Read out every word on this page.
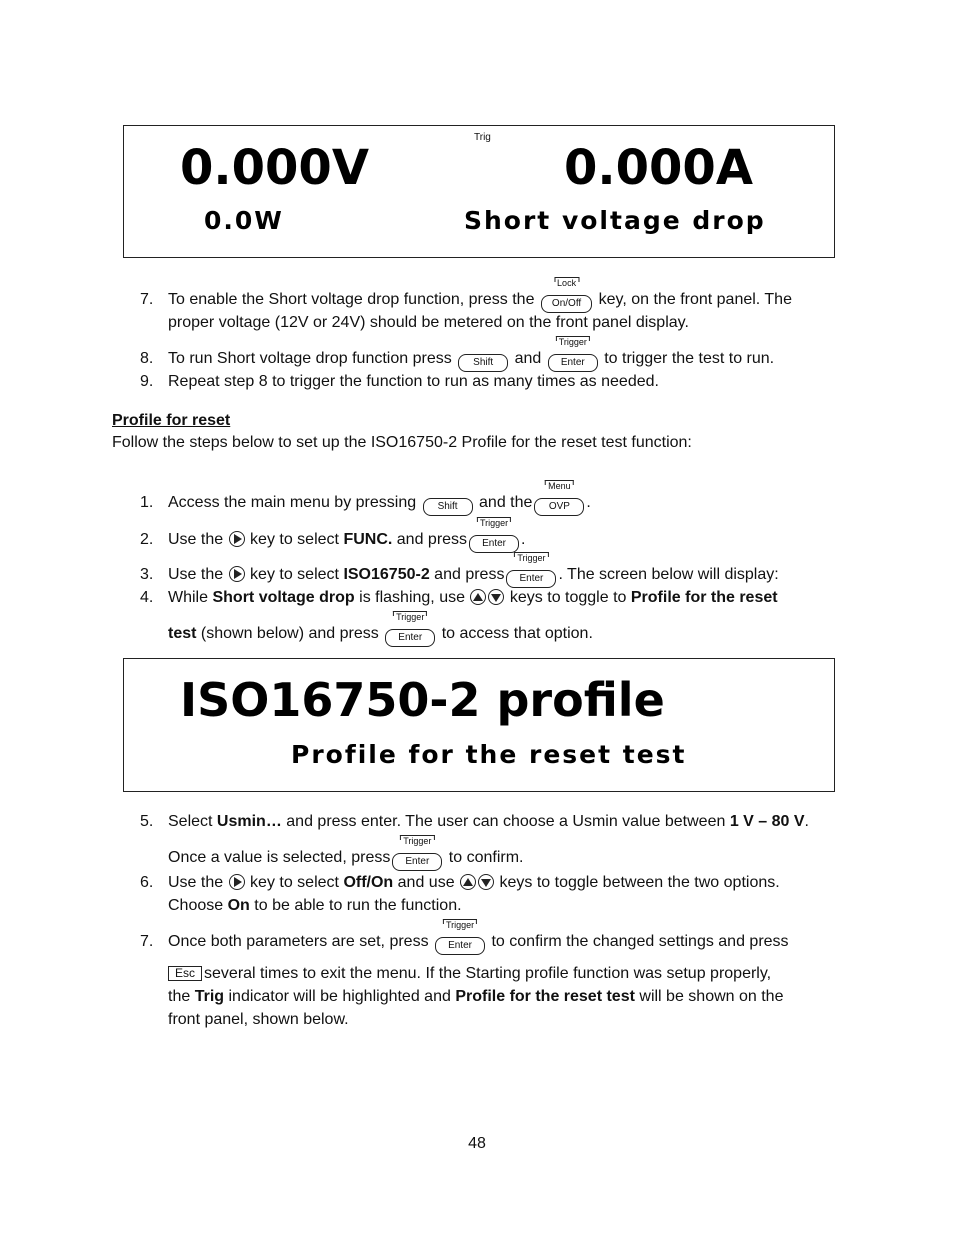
0.000V
Trig
0.000A
0.0W	Short voltage drop
7. To enable the Short voltage drop function, press the
Lock
On/Off key, on the front panel. The
proper voltage (12V or 24V) should be metered on the front panel display.
8. To run Short voltage drop function press Shift and
Trigger
Enter to trigger the test to run.
9. Repeat step 8 to trigger the function to run as many times as needed.
Profile for reset
Follow the steps below to set up the ISO16750-2 Profile for the reset test function:
1. Access the main menu by pressing Shift and the
Menu
OVP .
2. Use the key to select FUNC. and press
Trigger
Enter .
3. Use the key to select ISO16750-2 and press
Trigger
Enter . The screen below will display:
4. While Short voltage drop is flashing, use	keys to toggle to Profile for the reset
test (shown below) and press
Trigger
Enter to access that option.
ISO16750-2 profile
Profile for the reset test
5. Select Usmin… and press enter. The user can choose a Usmin value between 1 V – 80 V.
Once a value is selected, press
Trigger
Enter to confirm.
6. Use the key to select Off/On and use	keys to toggle between the two options.
Choose On to be able to run the function.
7. Once both parameters are set, press
Trigger
Enter to confirm the changed settings and press
Esc several times to exit the menu. If the Starting profile function was setup properly,
the Trig indicator will be highlighted and Profile for the reset test will be shown on the
front panel, shown below.
48
